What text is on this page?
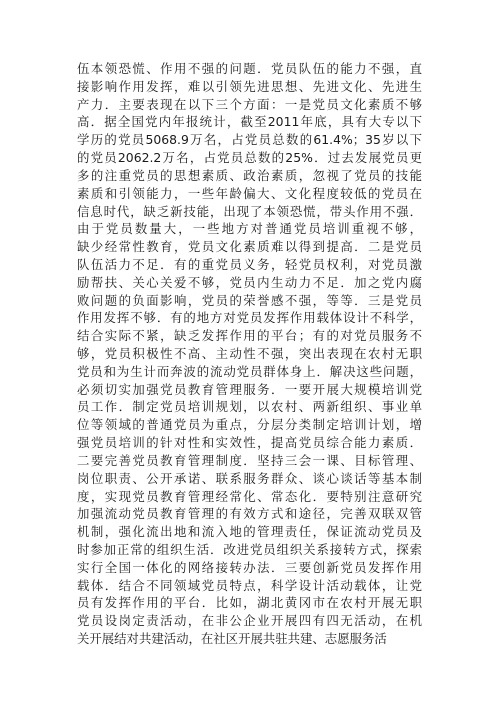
伍本领恐慌、作用不强的问题．党员队伍的能力不强，直
接影响作用发挥，难以引领先进思想、先进文化、先进生
产力．主要表现在以下三个方面：一是党员文化素质不够
高．据全国党内年报统计，截至2011年底，具有大专以下
学历的党员5068.9万名，占党员总数的61.4%；35岁以下
的党员2062.2万名，占党员总数的25%．过去发展党员更
多的注重党员的思想素质、政治素质，忽视了党员的技能
素质和引领能力，一些年龄偏大、文化程度较低的党员在
信息时代，缺乏新技能，出现了本领恐慌，带头作用不强．
由于党员数量大，一些地方对普通党员培训重视不够，
缺少经常性教育，党员文化素质难以得到提高．二是党员
队伍活力不足．有的重党员义务，轻党员权利，对党员激
励帮扶、关心关爱不够，党员内生动力不足．加之党内腐
败问题的负面影响，党员的荣誉感不强，等等．三是党员
作用发挥不够．有的地方对党员发挥作用载体设计不科学，
结合实际不紧，缺乏发挥作用的平台；有的对党员服务不
够，党员积极性不高、主动性不强，突出表现在农村无职
党员和为生计而奔波的流动党员群体身上．解决这些问题，
必须切实加强党员教育管理服务．一要开展大规模培训党
员工作．制定党员培训规划，以农村、两新组织、事业单
位等领域的普通党员为重点，分层分类制定培训计划，增
强党员培训的针对性和实效性，提高党员综合能力素质．
二要完善党员教育管理制度．坚持三会一课、目标管理、
岗位职责、公开承诺、联系服务群众、谈心谈话等基本制
度，实现党员教育管理经常化、常态化．要特别注意研究
加强流动党员教育管理的有效方式和途径，完善双联双管
机制，强化流出地和流入地的管理责任，保证流动党员及
时参加正常的组织生活．改进党员组织关系接转方式，探索
实行全国一体化的网络接转办法．三要创新党员发挥作用
载体．结合不同领域党员特点，科学设计活动载体，让党
员有发挥作用的平台．比如，湖北黄冈市在农村开展无职
党员设岗定责活动，在非公企业开展四有四无活动，在机
关开展结对共建活动，在社区开展共驻共建、志愿服务活
